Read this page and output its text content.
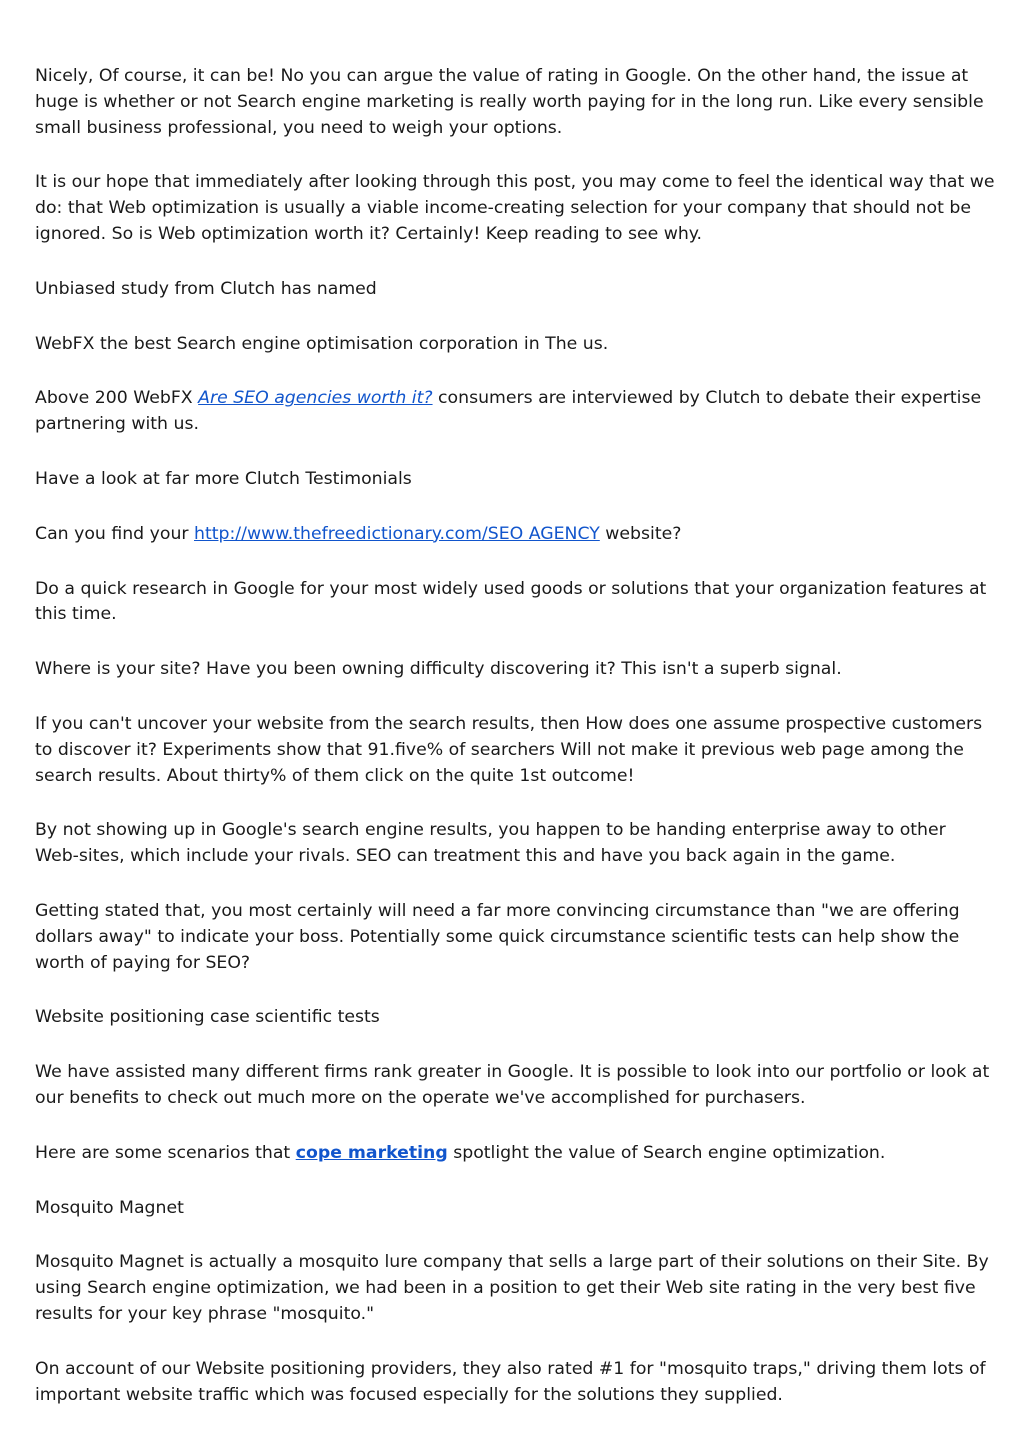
Nicely, Of course, it can be! No you can argue the value of rating in Google. On the other hand, the issue at huge is whether or not Search engine marketing is really worth paying for in the long run. Like every sensible small business professional, you need to weigh your options.

It is our hope that immediately after looking through this post, you may come to feel the identical way that we do: that Web optimization is usually a viable income-creating selection for your company that should not be ignored. So is Web optimization worth it? Certainly! Keep reading to see why.

Unbiased study from Clutch has named

WebFX the best Search engine optimisation corporation in The us.

Above 200 WebFX Are SEO agencies worth it? consumers are interviewed by Clutch to debate their expertise partnering with us.

Have a look at far more Clutch Testimonials

Can you find your http://www.thefreedictionary.com/SEO AGENCY website?

Do a quick research in Google for your most widely used goods or solutions that your organization features at this time.

Where is your site? Have you been owning difficulty discovering it? This isn't a superb signal.

If you can't uncover your website from the search results, then How does one assume prospective customers to discover it? Experiments show that 91.five% of searchers Will not make it previous web page among the search results. About thirty% of them click on the quite 1st outcome!

By not showing up in Google's search engine results, you happen to be handing enterprise away to other Web-sites, which include your rivals. SEO can treatment this and have you back again in the game.

Getting stated that, you most certainly will need a far more convincing circumstance than "we are offering dollars away" to indicate your boss. Potentially some quick circumstance scientific tests can help show the worth of paying for SEO?

Website positioning case scientific tests

We have assisted many different firms rank greater in Google. It is possible to look into our portfolio or look at our benefits to check out much more on the operate we've accomplished for purchasers.

Here are some scenarios that cope marketing spotlight the value of Search engine optimization.

Mosquito Magnet

Mosquito Magnet is actually a mosquito lure company that sells a large part of their solutions on their Site. By using Search engine optimization, we had been in a position to get their Web site rating in the very best five results for your key phrase "mosquito."

On account of our Website positioning providers, they also rated #1 for "mosquito traps," driving them lots of important website traffic which was focused especially for the solutions they supplied.
